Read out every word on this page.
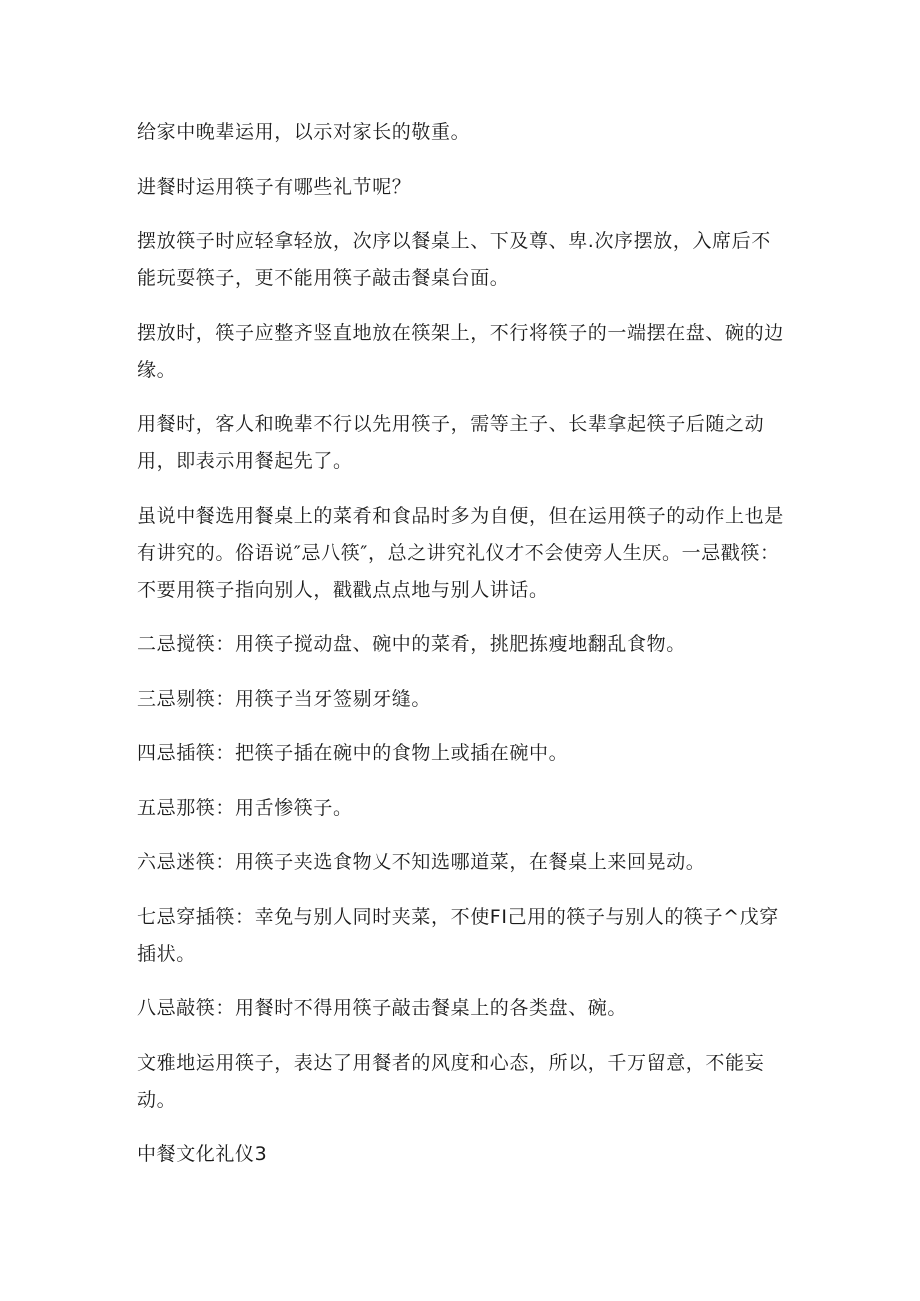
给家中晚辈运用，以示对家长的敬重。

进餐时运用筷子有哪些礼节呢？

摆放筷子时应轻拿轻放，次序以餐桌上、下及尊、卑.次序摆放，入席后不能玩耍筷子，更不能用筷子敲击餐桌台面。

摆放时，筷子应整齐竖直地放在筷架上，不行将筷子的一端摆在盘、碗的边缘。

用餐时，客人和晚辈不行以先用筷子，需等主子、长辈拿起筷子后随之动用，即表示用餐起先了。

虽说中餐选用餐桌上的菜肴和食品时多为自便，但在运用筷子的动作上也是有讲究的。俗语说″忌八筷″，总之讲究礼仪才不会使旁人生厌。一忌戳筷：不要用筷子指向别人，戳戳点点地与别人讲话。

二忌搅筷：用筷子搅动盘、碗中的菜肴，挑肥拣瘦地翻乱食物。

三忌剔筷：用筷子当牙签剔牙缝。

四忌插筷：把筷子插在碗中的食物上或插在碗中。

五忌那筷：用舌惨筷子。

六忌迷筷：用筷子夹选食物乂不知选哪道菜，在餐桌上来回晃动。

七忌穿插筷：幸免与别人同时夹菜，不使FI己用的筷子与别人的筷子^戊穿插状。

八忌敲筷：用餐时不得用筷子敲击餐桌上的各类盘、碗。

文雅地运用筷子，表达了用餐者的风度和心态，所以，千万留意，不能妄动。

中餐文化礼仪3
